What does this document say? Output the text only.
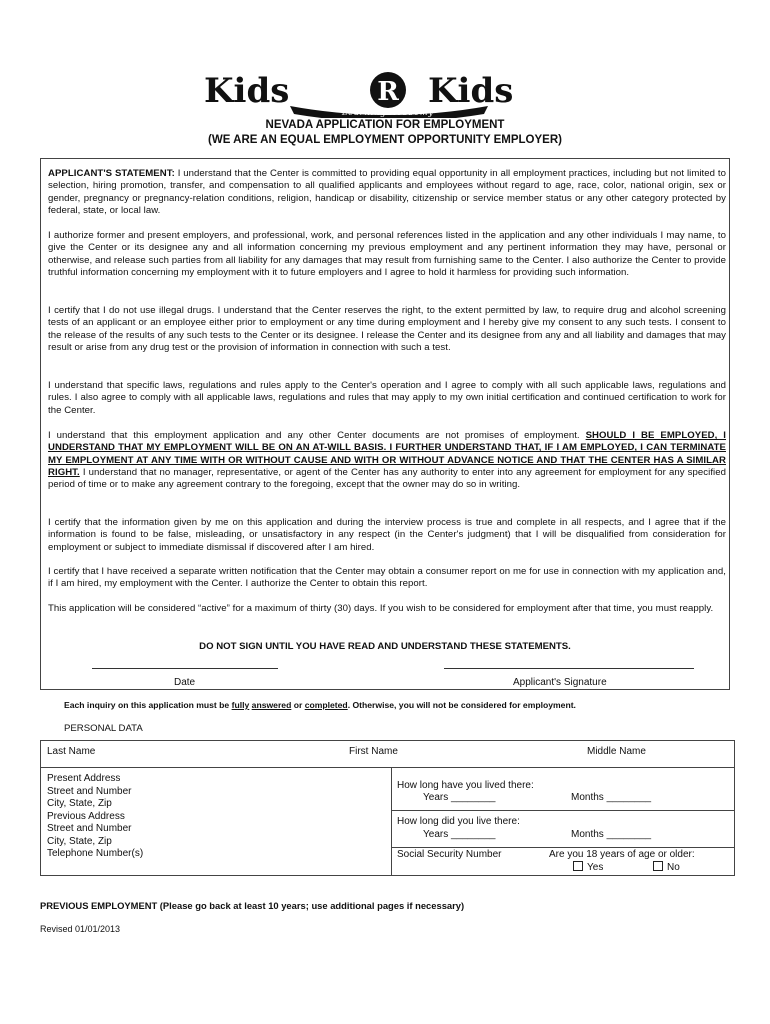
Kids	R Kids
Learning Academy
NEVADA APPLICATION FOR EMPLOYMENT
(WE ARE AN EQUAL EMPLOYMENT OPPORTUNITY EMPLOYER)
APPLICANT'S STATEMENT: I understand that the Center is committed to providing equal opportunity in all employment practices, including but not limited to selection, hiring promotion, transfer, and compensation to all qualified applicants and employees without regard to age, race, color, national origin, sex or gender, pregnancy or pregnancy-relation conditions, religion, handicap or disability, citizenship or service member status or any other category protected by federal, state, or local law.
I authorize former and present employers, and professional, work, and personal references listed in the application and any other individuals I may name, to give the Center or its designee any and all information concerning my previous employment and any pertinent information they may have, personal or otherwise, and release such parties from all liability for any damages that may result from furnishing same to the Center. I also authorize the Center to provide truthful information concerning my employment with it to future employers and I agree to hold it harmless for providing such information.
I certify that I do not use illegal drugs. I understand that the Center reserves the right, to the extent permitted by law, to require drug and alcohol screening tests of an applicant or an employee either prior to employment or any time during employment and I hereby give my consent to any such tests. I consent to the release of the results of any such tests to the Center or its designee. I release the Center and its designee from any and all liability and damages that may result or arise from any drug test or the provision of information in connection with such a test.
I understand that specific laws, regulations and rules apply to the Center's operation and I agree to comply with all such applicable laws, regulations and rules. I also agree to comply with all applicable laws, regulations and rules that may apply to my own initial certification and continued certification to work for the Center.
I understand that this employment application and any other Center documents are not promises of employment. SHOULD I BE EMPLOYED, I UNDERSTAND THAT MY EMPLOYMENT WILL BE ON AN AT-WILL BASIS. I FURTHER UNDERSTAND THAT, IF I AM EMPLOYED, I CAN TERMINATE MY EMPLOYMENT AT ANY TIME WITH OR WITHOUT CAUSE AND WITH OR WITHOUT ADVANCE NOTICE AND THAT THE CENTER HAS A SIMILAR RIGHT. I understand that no manager, representative, or agent of the Center has any authority to enter into any agreement for employment for any specified period of time or to make any agreement contrary to the foregoing, except that the owner may do so in writing.
I certify that the information given by me on this application and during the interview process is true and complete in all respects, and I agree that if the information is found to be false, misleading, or unsatisfactory in any respect (in the Center's judgment) that I will be disqualified from consideration for employment or subject to immediate dismissal if discovered after I am hired.
I certify that I have received a separate written notification that the Center may obtain a consumer report on me for use in connection with my application and, if I am hired, my employment with the Center. I authorize the Center to obtain this report.
This application will be considered “active” for a maximum of thirty (30) days. If you wish to be considered for employment after that time, you must reapply.
DO NOT SIGN UNTIL YOU HAVE READ AND UNDERSTAND THESE STATEMENTS.
Date	Applicant's Signature
Each inquiry on this application must be fully answered or completed. Otherwise, you will not be considered for employment.
PERSONAL DATA
Last Name	First Name	Middle Name
Present Address
Street and Number
City, State, Zip
Previous Address
Street and Number
City, State, Zip
Telephone Number(s)
How long have you lived there:
Years ________	Months ________
How long did you live there:
Years ________	Months ________
Social Security Number	Are you 18 years of age or older:
Yes	No
PREVIOUS EMPLOYMENT (Please go back at least 10 years; use additional pages if necessary)
Revised 01/01/2013
